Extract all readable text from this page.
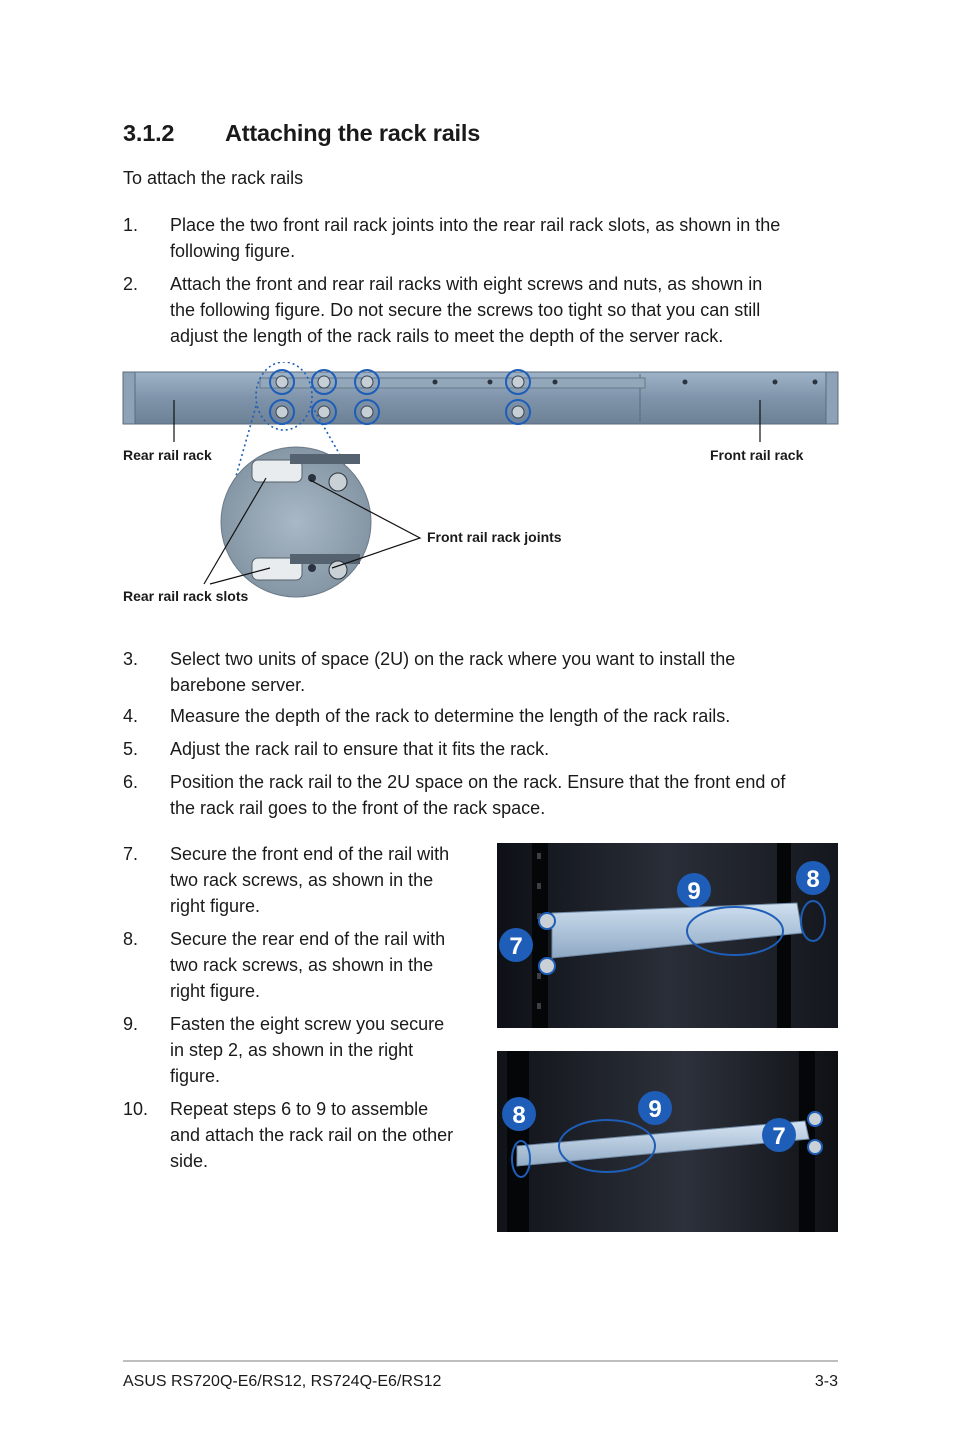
3.1.2 Attaching the rack rails
To attach the rack rails
1. Place the two front rail rack joints into the rear rail rack slots, as shown in the
following figure.
2. Attach the front and rear rail racks with eight screws and nuts, as shown in
the following figure. Do not secure the screws too tight so that you can still
adjust the length of the rack rails to meet the depth of the server rack.
Rear rail rack	Front rail rack
Front rail rack joints
Rear rail rack slots
3. Select two units of space (2U) on the rack where you want to install the
barebone server.
4. Measure the depth of the rack to determine the length of the rack rails.
5. Adjust the rack rail to ensure that it fits the rack.
6. Position the rack rail to the 2U space on the rack. Ensure that the front end of
the rack rail goes to the front of the rack space.
7. Secure the front end of the rail with
two rack screws, as shown in the
right figure.
8. Secure the rear end of the rail with
two rack screws, as shown in the
right figure.
9. Fasten the eight screw you secure
in step 2, as shown in the right
figure.
10. Repeat steps 6 to 9 to assemble
and attach the rack rail on the other
side.
9	8
7
8	9
7
ASUS RS720Q-E6/RS12, RS724Q-E6/RS12	3-3
